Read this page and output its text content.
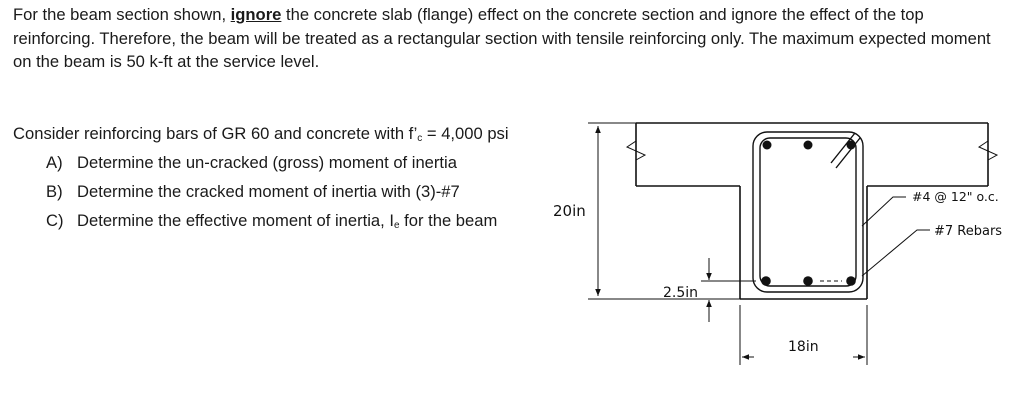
For the beam section shown, ignore the concrete slab (flange) effect on the concrete section and ignore the effect of the top reinforcing. Therefore, the beam will be treated as a rectangular section with tensile reinforcing only. The maximum expected moment on the beam is 50 k-ft at the service level.

Consider reinforcing bars of GR 60 and concrete with $f’_c = 4,000$ psi

A) Determine the un-cracked (gross) moment of inertia
B) Determine the cracked moment of inertia with (3)-#7
C) Determine the effective moment of inertia, $I_e$ for the beam	20in
2.5in
18in
#4 @ 12" o.c.
#7 Rebars
